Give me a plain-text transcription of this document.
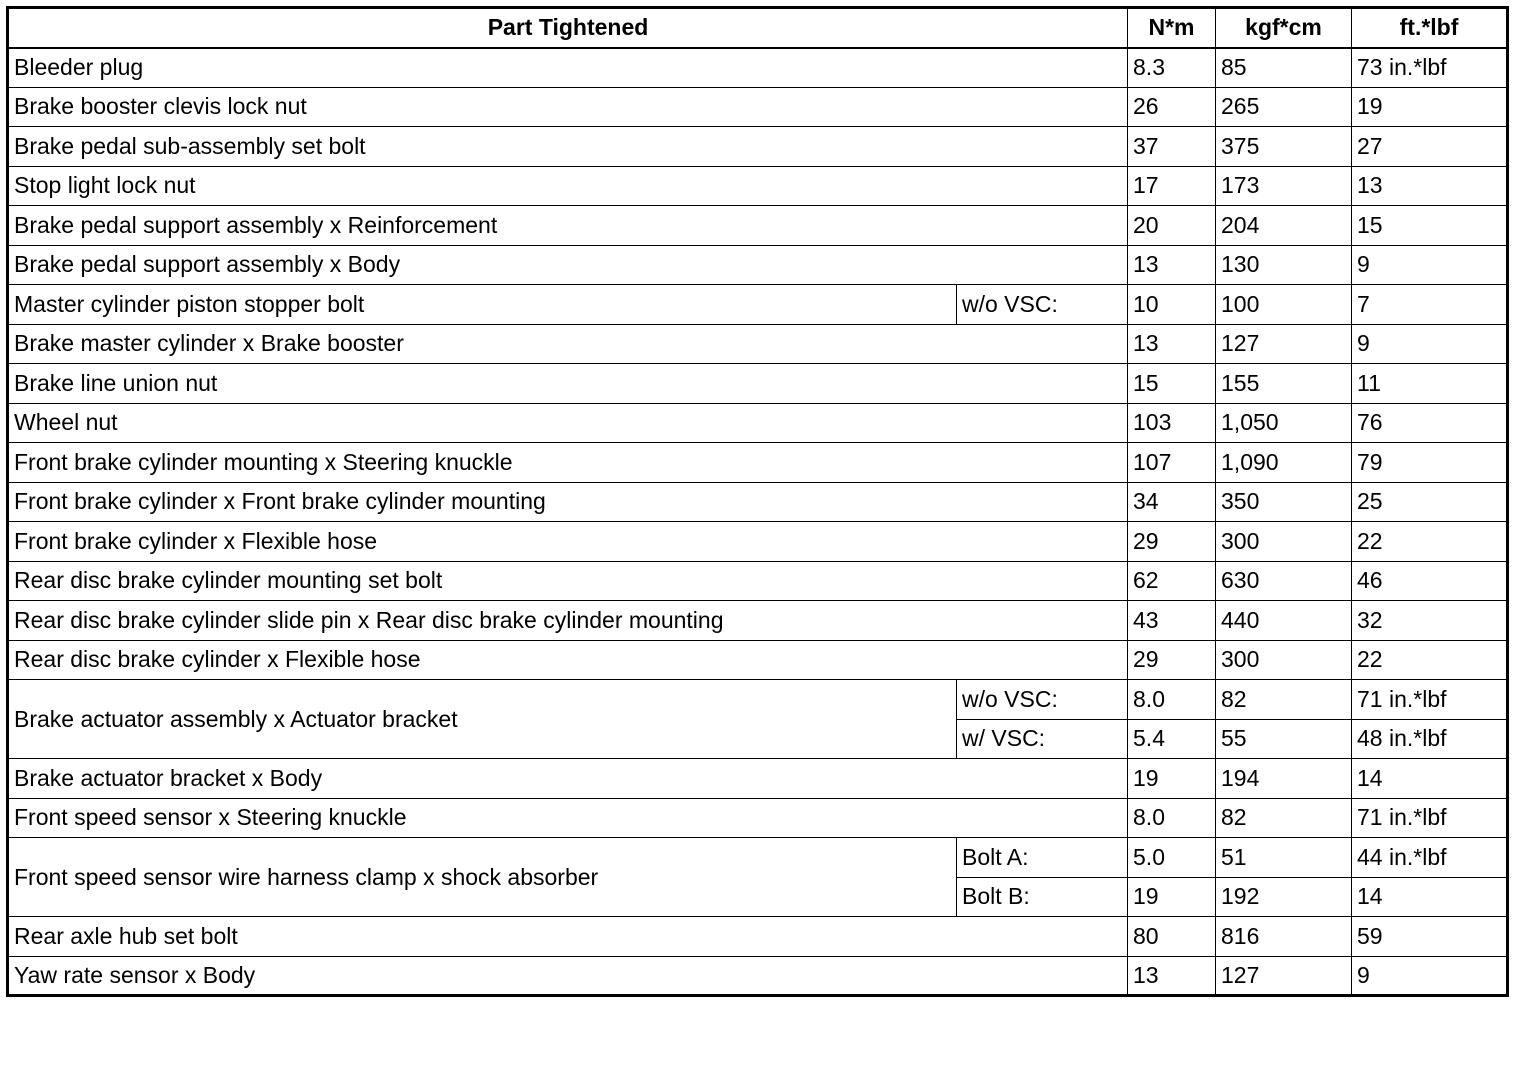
Part Tightened		N*m	kgf*cm	ft.*lbf
Bleeder plug		8.3	85	73 in.*lbf
Brake booster clevis lock nut		26	265	19
Brake pedal sub-assembly set bolt		37	375	27
Stop light lock nut		17	173	13
Brake pedal support assembly x Reinforcement		20	204	15
Brake pedal support assembly x Body		13	130	9
Master cylinder piston stopper bolt	w/o VSC:	10	100	7
Brake master cylinder x Brake booster		13	127	9
Brake line union nut		15	155	11
Wheel nut		103	1,050	76
Front brake cylinder mounting x Steering knuckle		107	1,090	79
Front brake cylinder x Front brake cylinder mounting		34	350	25
Front brake cylinder x Flexible hose		29	300	22
Rear disc brake cylinder mounting set bolt		62	630	46
Rear disc brake cylinder slide pin x Rear disc brake cylinder mounting		43	440	32
Rear disc brake cylinder x Flexible hose		29	300	22
Brake actuator assembly x Actuator bracket	w/o VSC:	8.0	82	71 in.*lbf
	w/ VSC:	5.4	55	48 in.*lbf
Brake actuator bracket x Body		19	194	14
Front speed sensor x Steering knuckle		8.0	82	71 in.*lbf
Front speed sensor wire harness clamp x shock absorber	Bolt A:	5.0	51	44 in.*lbf
	Bolt B:	19	192	14
Rear axle hub set bolt		80	816	59
Yaw rate sensor x Body		13	127	9
